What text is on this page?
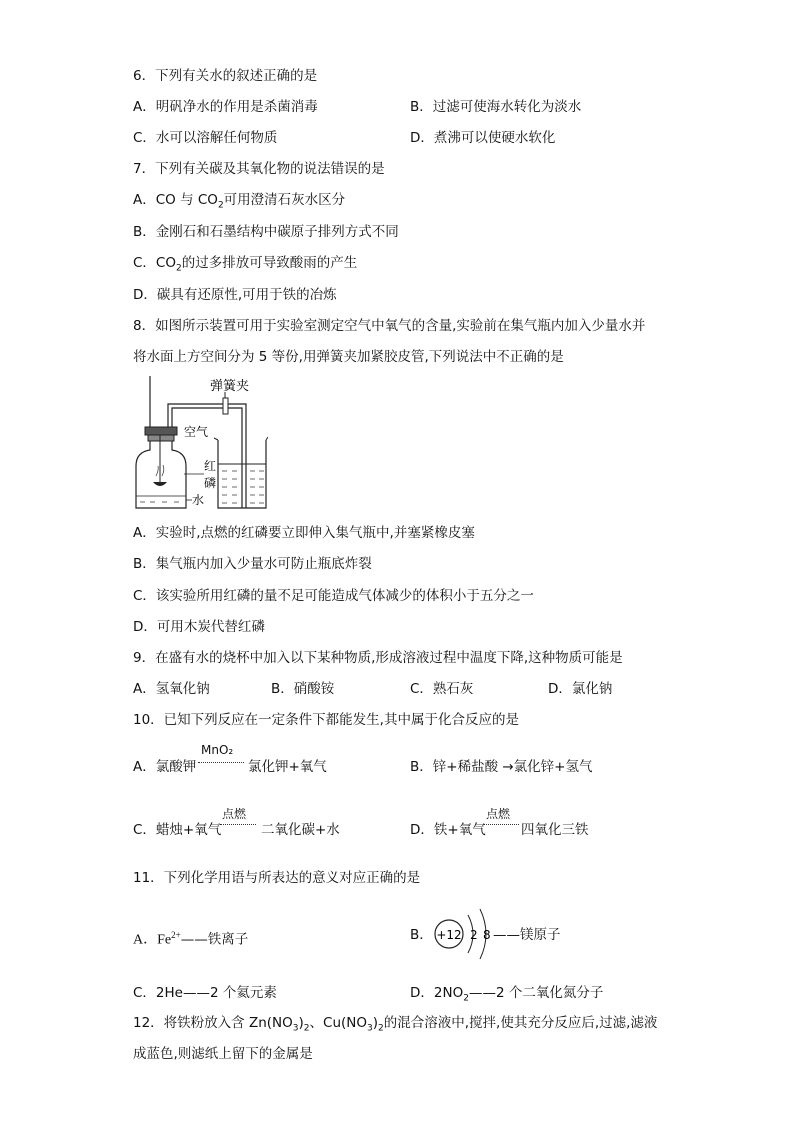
6．下列有关水的叙述正确的是
A．明矾净水的作用是杀菌消毒	B．过滤可使海水转化为淡水
C．水可以溶解任何物质	D．煮沸可以使硬水软化
7．下列有关碳及其氧化物的说法错误的是
A．CO 与 $CO_2$可用澄清石灰水区分
B．金刚石和石墨结构中碳原子排列方式不同
C．$CO_2$的过多排放可导致酸雨的产生
D．碳具有还原性,可用于铁的冶炼
8．如图所示装置可用于实验室测定空气中氧气的含量,实验前在集气瓶内加入少量水并
将水面上方空间分为 5 等份,用弹簧夹加紧胶皮管,下列说法中不正确的是
弹簧夹
空气
红
磷
水
A．实验时,点燃的红磷要立即伸入集气瓶中,并塞紧橡皮塞
B．集气瓶内加入少量水可防止瓶底炸裂
C．该实验所用红磷的量不足可能造成气体减少的体积小于五分之一
D．可用木炭代替红磷
9．在盛有水的烧杯中加入以下某种物质,形成溶液过程中温度下降,这种物质可能是
A．氢氧化钠	B．硝酸铵	C．熟石灰	D．氯化钠
10．已知下列反应在一定条件下都能发生,其中属于化合反应的是
A．氯酸钾
MnO₂
氯化钾+氧气	B．锌+稀盐酸 →氯化锌+氢气
C．蜡烛+氧气
点燃
二氧化碳+水	D．铁+氧气
点燃
四氧化三铁
11．下列化学用语与所表达的意义对应正确的是
A．$Fe^{2+}——$铁离子	B． +12 2 8 ——镁原子
C．2He——2 个氦元素	D．$2NO_2——2$ 个二氧化氮分子
12．将铁粉放入含 $Zn(NO_3)_2$、$Cu(NO_3)_2$的混合溶液中,搅拌,使其充分反应后,过滤,滤液
成蓝色,则滤纸上留下的金属是
